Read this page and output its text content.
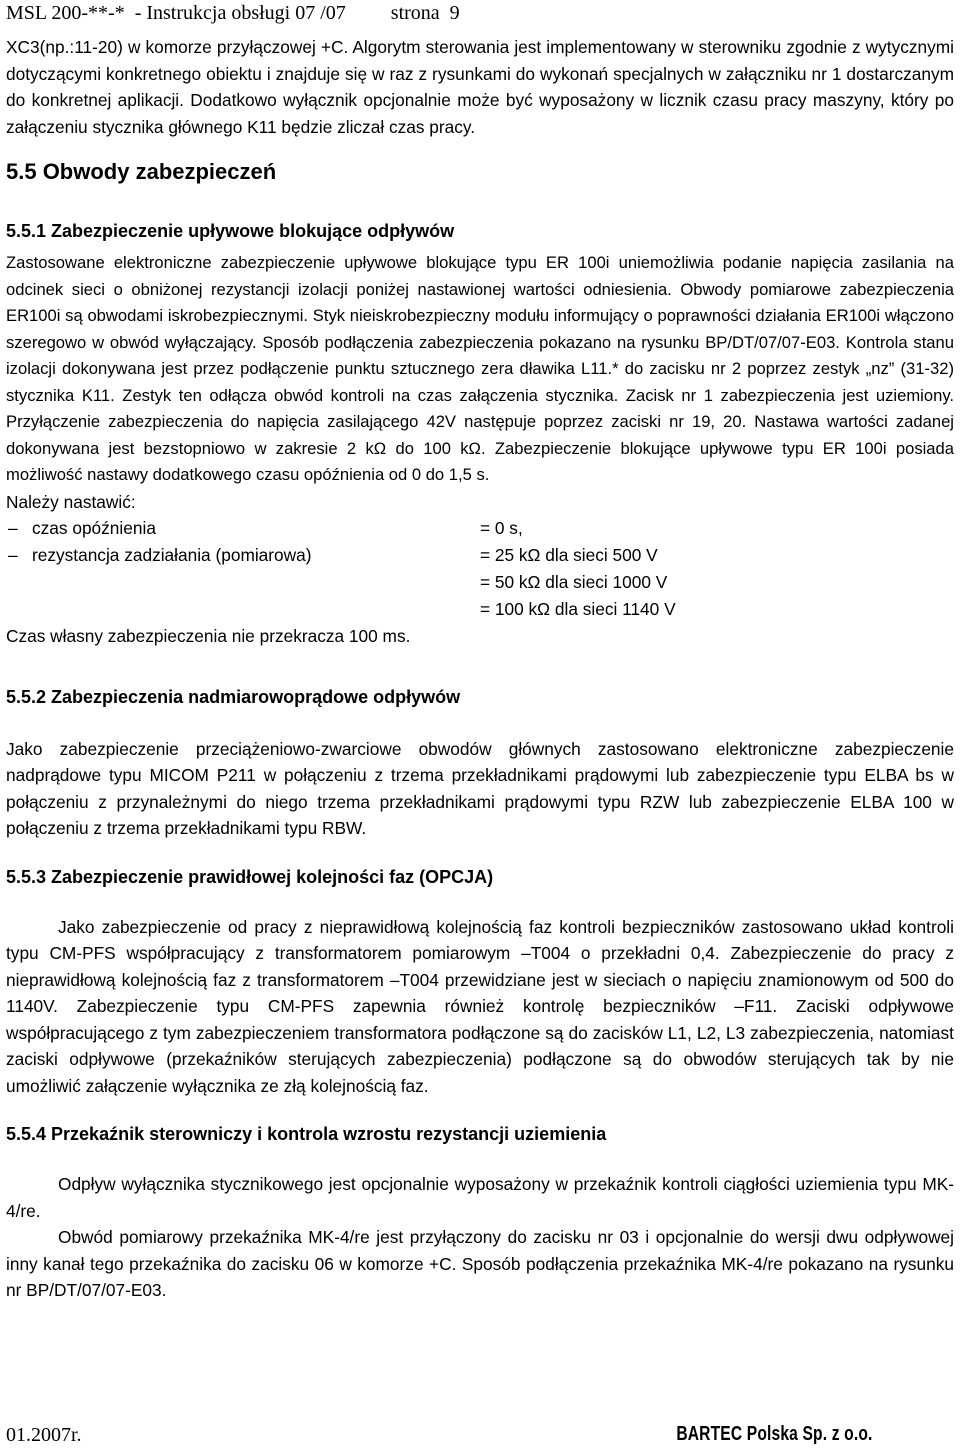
MSL 200-**-*  - Instrukcja obsługi 07 /07         strona  9

XC3(np.:11-20) w komorze przyłączowej +C. Algorytm sterowania jest implementowany w sterowniku zgodnie z wytycznymi dotyczącymi konkretnego obiektu i znajduje się w raz z rysunkami do wykonań specjalnych w załączniku nr 1 dostarczanym do konkretnej aplikacji. Dodatkowo wyłącznik opcjonalnie może być wyposażony w licznik czasu pracy maszyny, który po załączeniu stycznika głównego K11 będzie zliczał czas pracy.

5.5 Obwody zabezpieczeń
5.5.1 Zabezpieczenie upływowe blokujące odpływów

Zastosowane elektroniczne zabezpieczenie upływowe blokujące typu ER 100i uniemożliwia podanie napięcia zasilania na odcinek sieci o obniżonej rezystancji izolacji poniżej nastawionej wartości odniesienia. Obwody pomiarowe zabezpieczenia ER100i są obwodami iskrobezpiecznymi. Styk nieiskrobezpieczny modułu informujący o poprawności działania ER100i włączono szeregowo w obwód wyłączający. Sposób podłączenia zabezpieczenia pokazano na rysunku BP/DT/07/07-E03. Kontrola stanu izolacji dokonywana jest przez podłączenie punktu sztucznego zera dławika L11.* do zacisku nr 2 poprzez zestyk „nz” (31-32) stycznika K11. Zestyk ten odłącza obwód kontroli na czas załączenia stycznika. Zacisk nr 1 zabezpieczenia jest uziemiony. Przyłączenie zabezpieczenia do napięcia zasilającego 42V następuje poprzez zaciski nr 19, 20. Nastawa wartości zadanej dokonywana jest bezstopniowo w zakresie 2 kΩ do 100 kΩ. Zabezpieczenie blokujące upływowe typu ER 100i posiada możliwość nastawy dodatkowego czasu opóźnienia od 0 do 1,5 s.

Należy nastawić:

– czas opóźnienia	= 0 s,
– rezystancja zadziałania (pomiarowa)	= 25 kΩ dla sieci 500 V
= 50 kΩ dla sieci 1000 V
= 100 kΩ dla sieci 1140 V

Czas własny zabezpieczenia nie przekracza 100 ms.

5.5.2 Zabezpieczenia nadmiarowoprądowe odpływów

Jako zabezpieczenie przeciążeniowo-zwarciowe obwodów głównych zastosowano elektroniczne zabezpieczenie nadprądowe typu MICOM P211 w połączeniu z trzema przekładnikami prądowymi lub zabezpieczenie typu ELBA bs w połączeniu z przynależnymi do niego trzema przekładnikami prądowymi typu RZW lub zabezpieczenie ELBA 100 w połączeniu z trzema przekładnikami typu RBW.

5.5.3 Zabezpieczenie prawidłowej kolejności faz (OPCJA)

Jako zabezpieczenie od pracy z nieprawidłową kolejnością faz kontroli bezpieczników zastosowano układ kontroli typu CM-PFS współpracujący z transformatorem pomiarowym –T004 o przekładni 0,4. Zabezpieczenie do pracy z nieprawidłową kolejnością faz z transformatorem –T004 przewidziane jest w sieciach o napięciu znamionowym od 500 do 1140V. Zabezpieczenie typu CM-PFS zapewnia również kontrolę bezpieczników –F11. Zaciski odpływowe współpracującego z tym zabezpieczeniem transformatora podłączone są do zacisków L1, L2, L3 zabezpieczenia, natomiast zaciski odpływowe (przekaźników sterujących zabezpieczenia) podłączone są do obwodów sterujących tak by nie umożliwić załączenie wyłącznika ze złą kolejnością faz.

5.5.4 Przekaźnik sterowniczy i kontrola wzrostu rezystancji uziemienia

Odpływ wyłącznika stycznikowego jest opcjonalnie wyposażony w przekaźnik kontroli ciągłości uziemienia typu MK-4/re.

Obwód pomiarowy przekaźnika MK-4/re jest przyłączony do zacisku nr 03 i opcjonalnie do wersji dwu odpływowej inny kanał tego przekaźnika do zacisku 06 w komorze +C. Sposób podłączenia przekaźnika MK-4/re pokazano na rysunku nr BP/DT/07/07-E03.

01.2007r.	BARTEC Polska Sp. z o.o.
